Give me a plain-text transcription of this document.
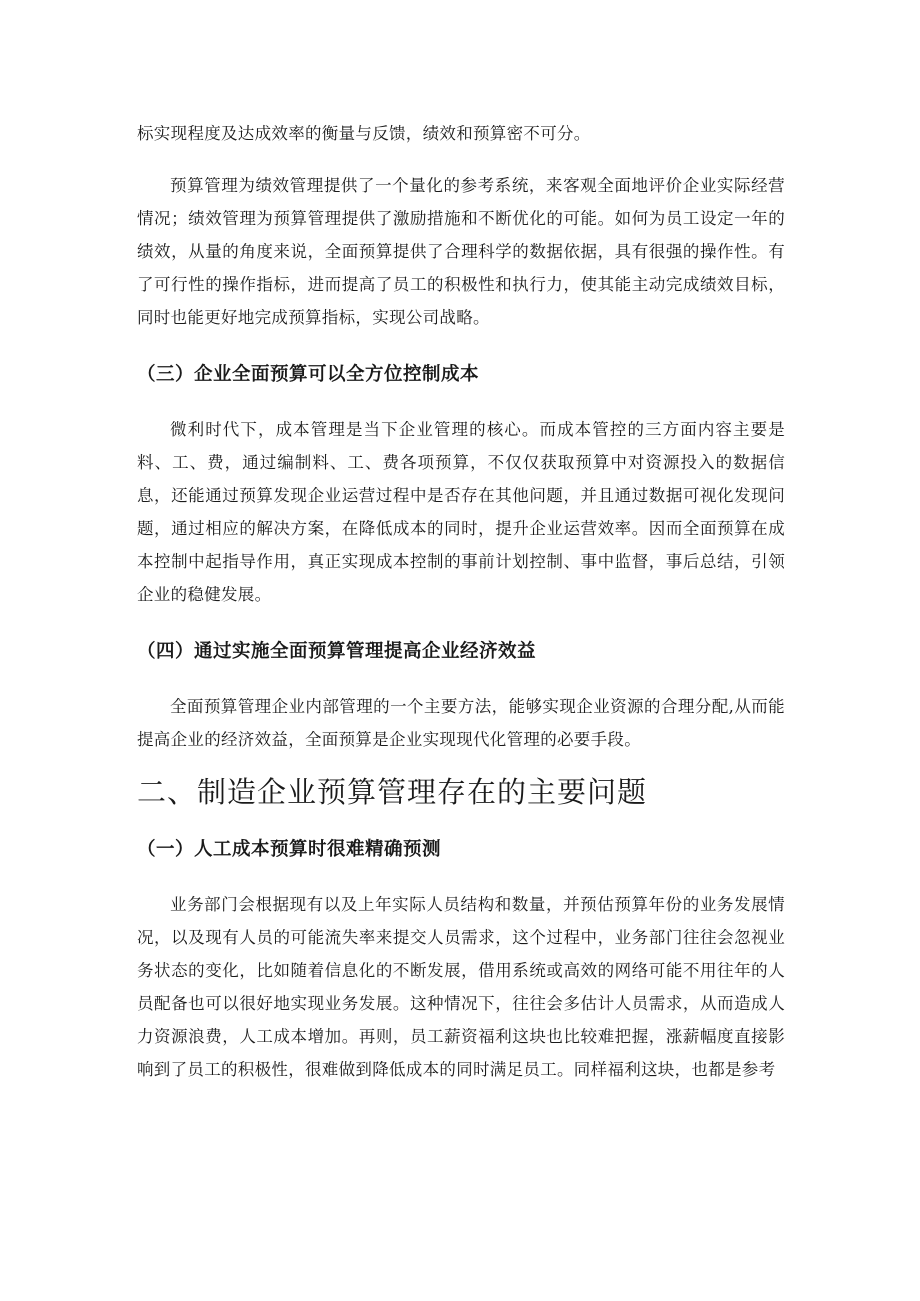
标实现程度及达成效率的衡量与反馈，绩效和预算密不可分。

预算管理为绩效管理提供了一个量化的参考系统，来客观全面地评价企业实际经营情况；绩效管理为预算管理提供了激励措施和不断优化的可能。如何为员工设定一年的绩效，从量的角度来说，全面预算提供了合理科学的数据依据，具有很强的操作性。有了可行性的操作指标，进而提高了员工的积极性和执行力，使其能主动完成绩效目标，同时也能更好地完成预算指标，实现公司战略。

（三）企业全面预算可以全方位控制成本

微利时代下，成本管理是当下企业管理的核心。而成本管控的三方面内容主要是料、工、费，通过编制料、工、费各项预算，不仅仅获取预算中对资源投入的数据信息，还能通过预算发现企业运营过程中是否存在其他问题，并且通过数据可视化发现问题，通过相应的解决方案，在降低成本的同时，提升企业运营效率。因而全面预算在成本控制中起指导作用，真正实现成本控制的事前计划控制、事中监督，事后总结，引领企业的稳健发展。

（四）通过实施全面预算管理提高企业经济效益

全面预算管理企业内部管理的一个主要方法，能够实现企业资源的合理分配,从而能提高企业的经济效益，全面预算是企业实现现代化管理的必要手段。

二、制造企业预算管理存在的主要问题
（一）人工成本预算时很难精确预测

业务部门会根据现有以及上年实际人员结构和数量，并预估预算年份的业务发展情况，以及现有人员的可能流失率来提交人员需求，这个过程中，业务部门往往会忽视业务状态的变化，比如随着信息化的不断发展，借用系统或高效的网络可能不用往年的人员配备也可以很好地实现业务发展。这种情况下，往往会多估计人员需求，从而造成人力资源浪费，人工成本增加。再则，员工薪资福利这块也比较难把握，涨薪幅度直接影响到了员工的积极性，很难做到降低成本的同时满足员工。同样福利这块，也都是参考
